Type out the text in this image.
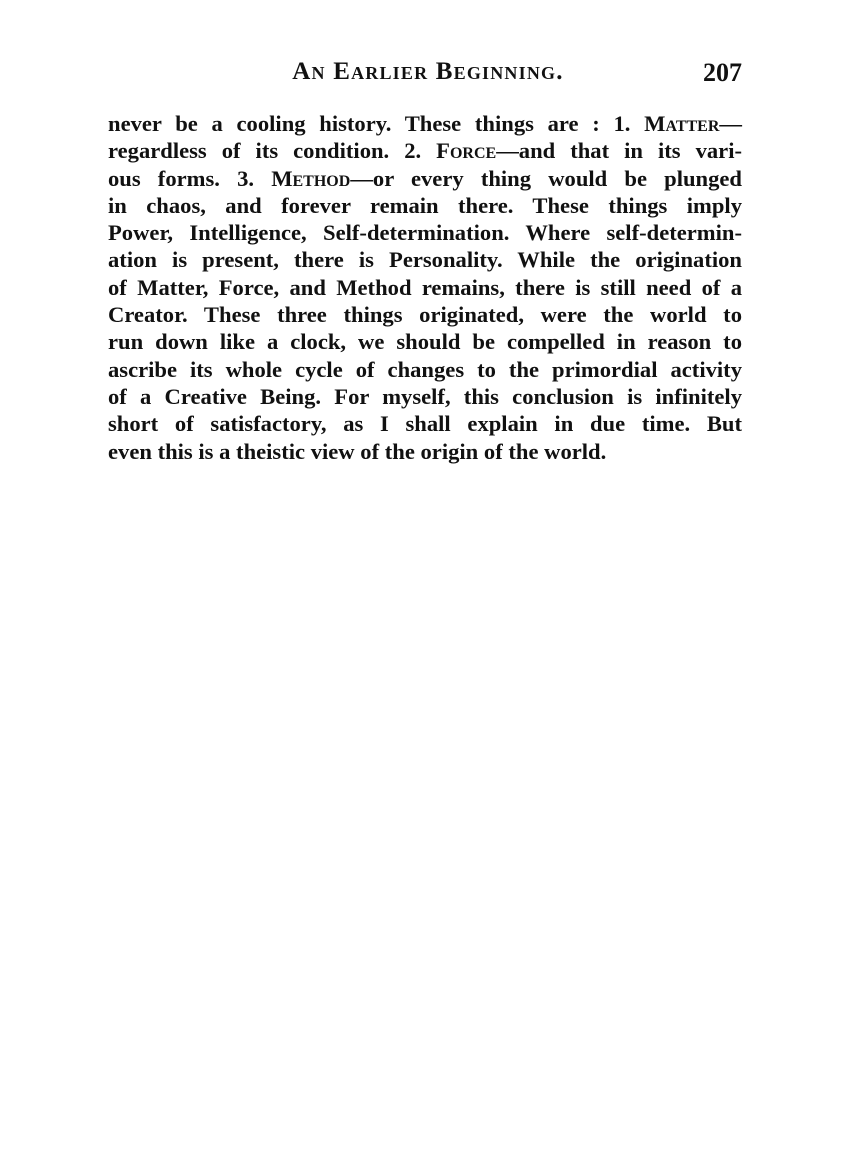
An Earlier Beginning.	207
never be a cooling history. These things are : 1. Matter—
regardless of its condition. 2. Force—and that in its vari-
ous forms. 3. Method—or every thing would be plunged
in chaos, and forever remain there. These things imply
Power, Intelligence, Self-determination. Where self-determin-
ation is present, there is Personality. While the origination
of Matter, Force, and Method remains, there is still need of a
Creator. These three things originated, were the world to
run down like a clock, we should be compelled in reason to
ascribe its whole cycle of changes to the primordial activity
of a Creative Being. For myself, this conclusion is infinitely
short of satisfactory, as I shall explain in due time. But
even this is a theistic view of the origin of the world.
